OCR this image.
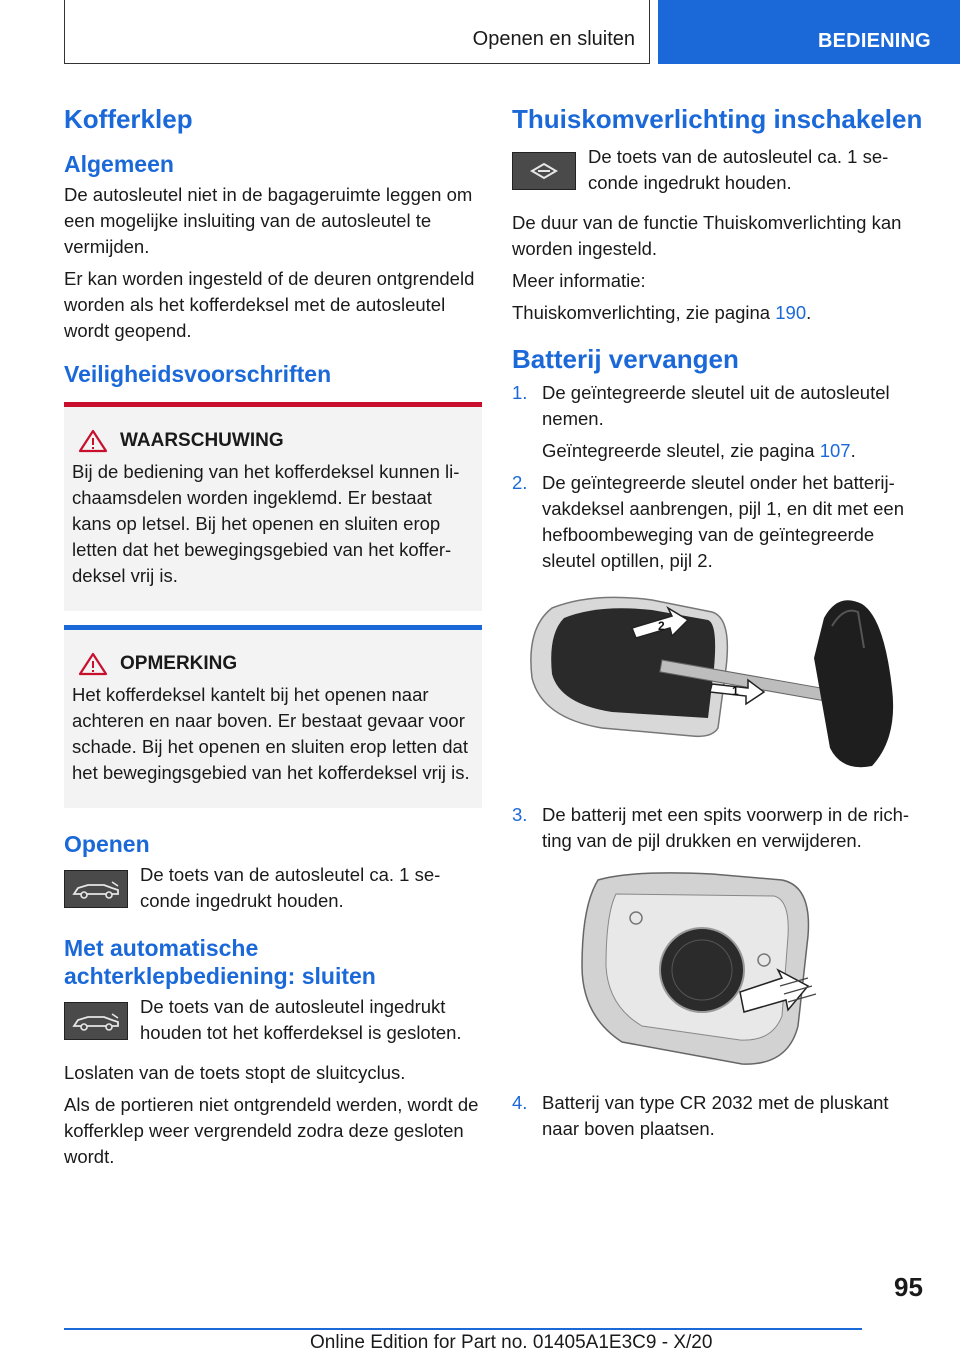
Openen en sluiten	BEDIENING
Kofferklep
Algemeen

De autosleutel niet in de bagageruimte leggen om een mogelijke insluiting van de autosleutel te vermijden.

Er kan worden ingesteld of de deuren ontgrendeld worden als het kofferdeksel met de autosleutel wordt geopend.

Veiligheidsvoorschriften
WAARSCHUWING

Bij de bediening van het kofferdeksel kunnen lichaamsdelen worden ingeklemd. Er bestaat kans op letsel. Bij het openen en sluiten erop letten dat het bewegingsgebied van het kofferdeksel vrij is.

OPMERKING

Het kofferdeksel kantelt bij het openen naar achteren en naar boven. Er bestaat gevaar voor schade. Bij het openen en sluiten erop letten dat het bewegingsgebied van het kofferdeksel vrij is.

Openen

De toets van de autosleutel ca. 1 seconde ingedrukt houden.

Met automatische achterklepbediening: sluiten

De toets van de autosleutel ingedrukt houden tot het kofferdeksel is gesloten.

Loslaten van de toets stopt de sluitcyclus.

Als de portieren niet ontgrendeld werden, wordt de kofferklep weer vergrendeld zodra deze gesloten wordt.

Thuiskomverlichting inschakelen

De toets van de autosleutel ca. 1 seconde ingedrukt houden.

De duur van de functie Thuiskomverlichting kan worden ingesteld.

Meer informatie:

Thuiskomverlichting, zie pagina 190.

Batterij vervangen
1. De geïntegreerde sleutel uit de autosleutel nemen.
Geïntegreerde sleutel, zie pagina 107.
2. De geïntegreerde sleutel onder het batterijvakdeksel aanbrengen, pijl 1, en dit met een hefboombeweging van de geïntegreerde sleutel optillen, pijl 2.
2
1
3. De batterij met een spits voorwerp in de richting van de pijl drukken en verwijderen.
4. Batterij van type CR 2032 met de pluskant naar boven plaatsen.
95
Online Edition for Part no. 01405A1E3C9 - X/20
